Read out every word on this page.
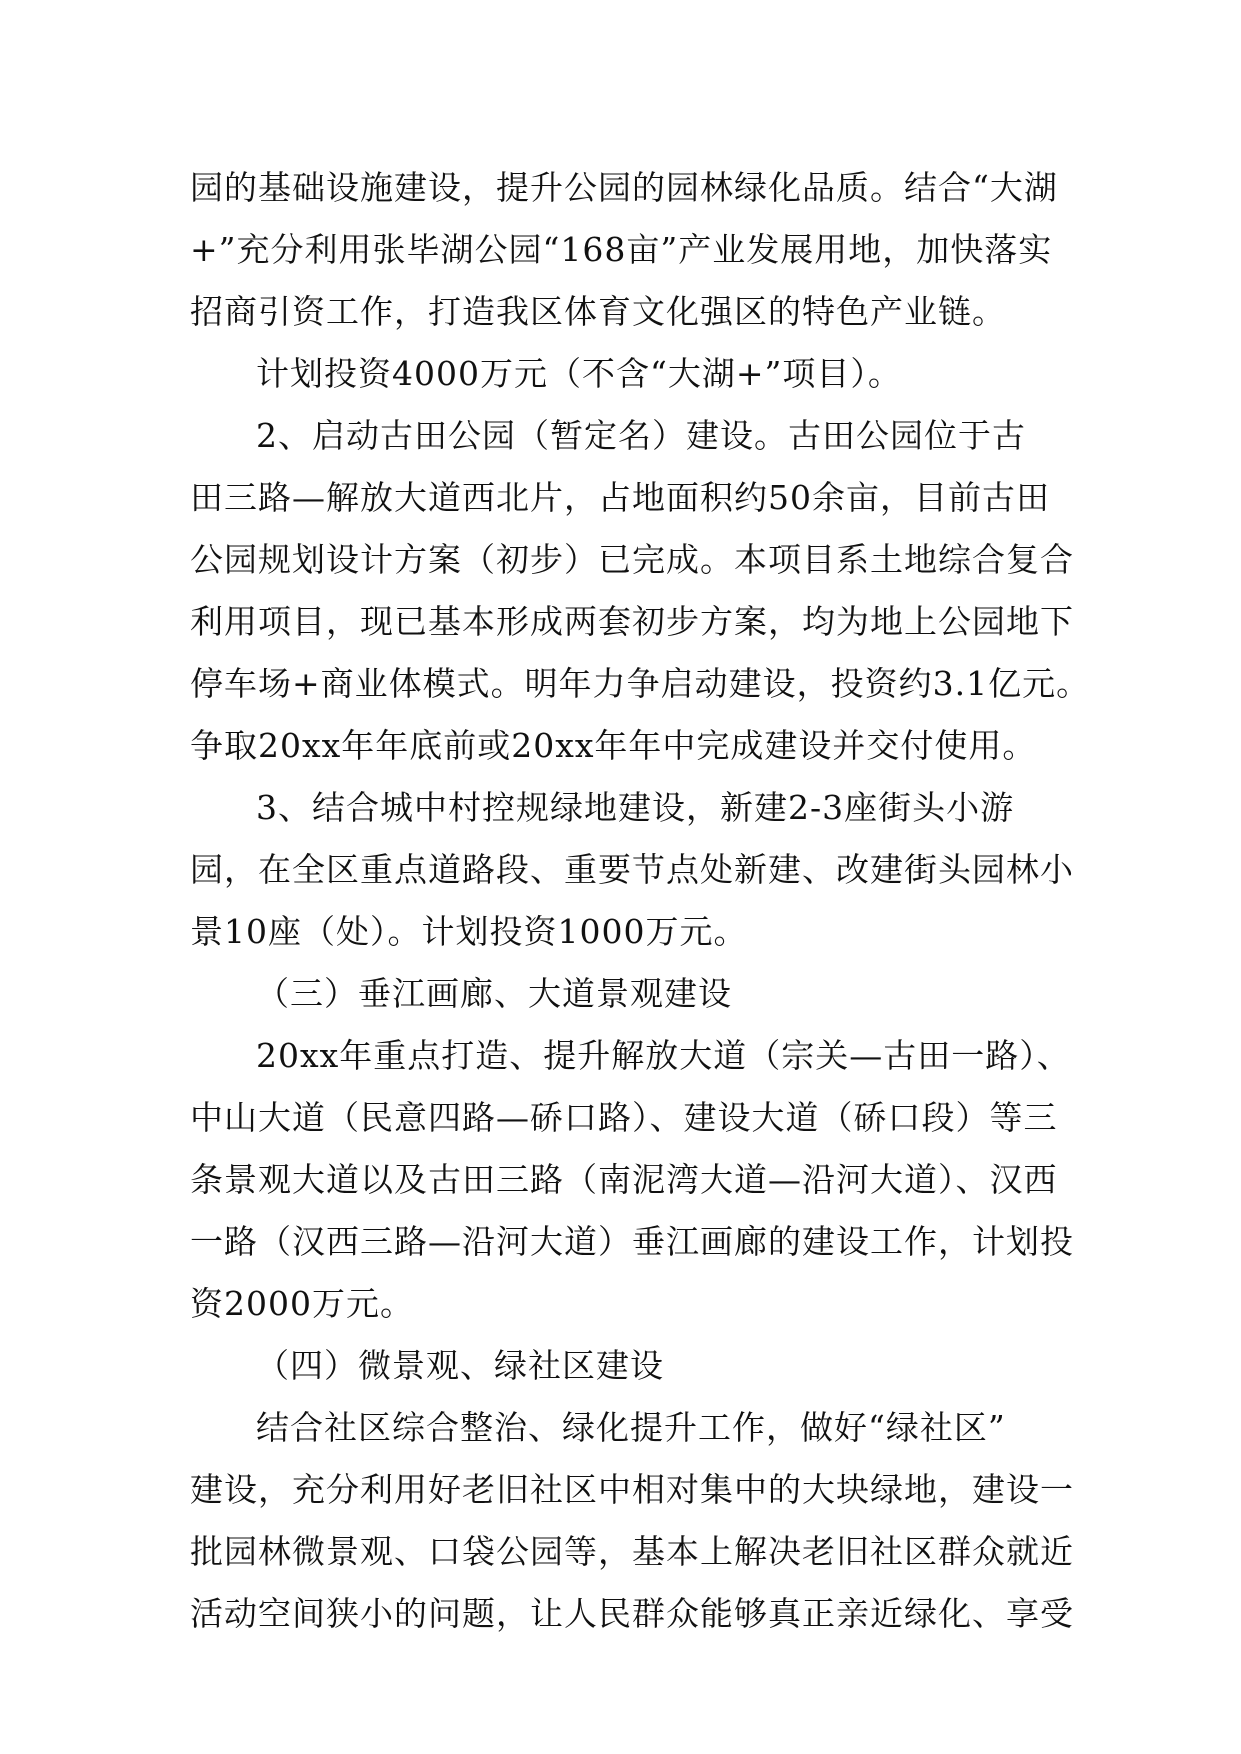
园的基础设施建设，提升公园的园林绿化品质。结合“大湖
+”充分利用张毕湖公园“168亩”产业发展用地，加快落实
招商引资工作，打造我区体育文化强区的特色产业链。

计划投资4000万元（不含“大湖+”项目）。

2、启动古田公园（暂定名）建设。古田公园位于古
田三路—解放大道西北片，占地面积约50余亩，目前古田
公园规划设计方案（初步）已完成。本项目系土地综合复合
利用项目，现已基本形成两套初步方案，均为地上公园地下
停车场+商业体模式。明年力争启动建设，投资约3.1亿元。
争取20xx年年底前或20xx年年中完成建设并交付使用。

3、结合城中村控规绿地建设，新建2-3座街头小游
园，在全区重点道路段、重要节点处新建、改建街头园林小
景10座（处）。计划投资1000万元。

（三）垂江画廊、大道景观建设

20xx年重点打造、提升解放大道（宗关—古田一路）、
中山大道（民意四路—硚口路）、建设大道（硚口段）等三
条景观大道以及古田三路（南泥湾大道—沿河大道）、汉西
一路（汉西三路—沿河大道）垂江画廊的建设工作，计划投
资2000万元。

（四）微景观、绿社区建设

结合社区综合整治、绿化提升工作，做好“绿社区”
建设，充分利用好老旧社区中相对集中的大块绿地，建设一
批园林微景观、口袋公园等，基本上解决老旧社区群众就近
活动空间狭小的问题，让人民群众能够真正亲近绿化、享受
